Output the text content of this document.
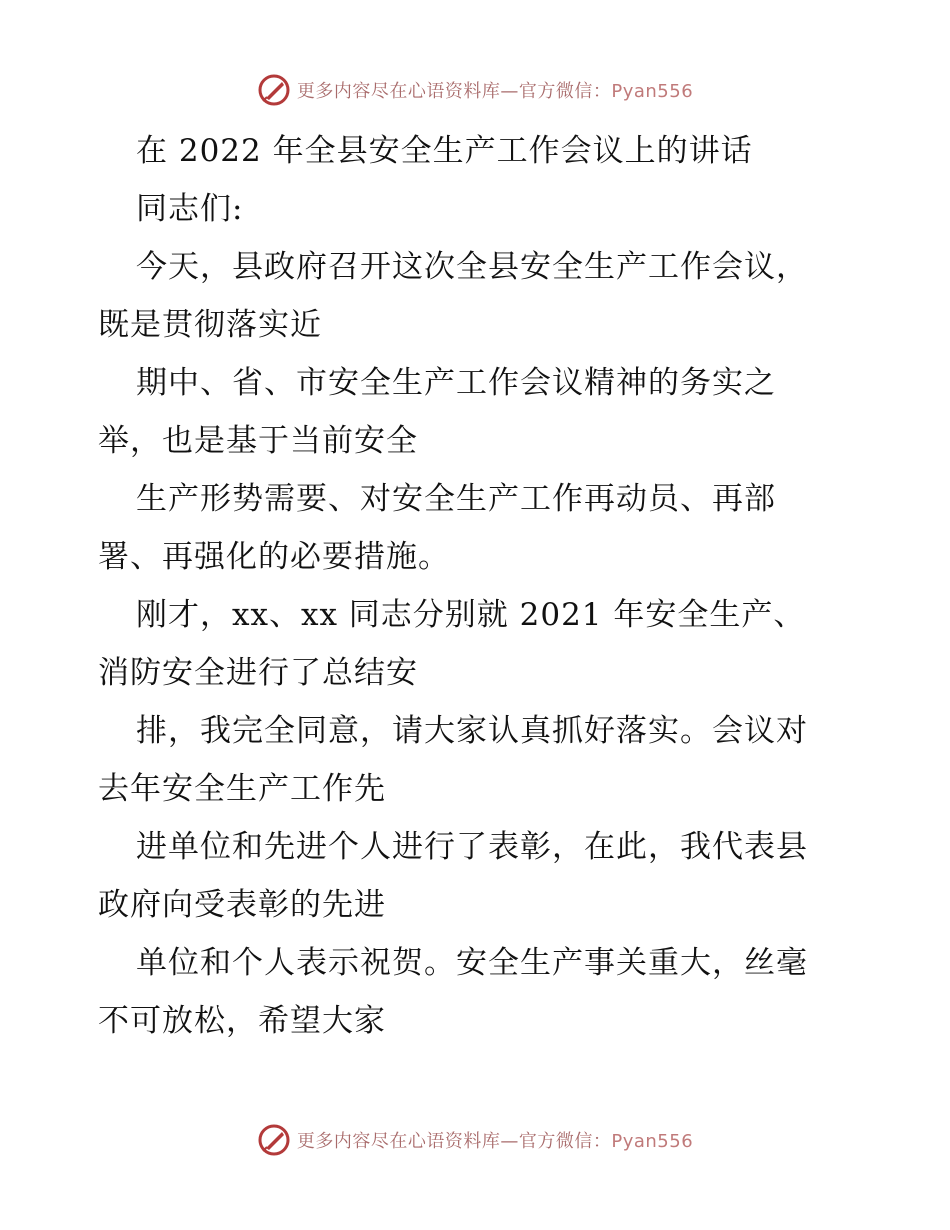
更多内容尽在心语资料库—官方微信：Pyan556
在 2022 年全县安全生产工作会议上的讲话
同志们:
今天，县政府召开这次全县安全生产工作会议，
既是贯彻落实近
期中、省、市安全生产工作会议精神的务实之
举，也是基于当前安全
生产形势需要、对安全生产工作再动员、再部
署、再强化的必要措施。
刚才，xx、xx 同志分别就 2021 年安全生产、
消防安全进行了总结安
排，我完全同意，请大家认真抓好落实。会议对
去年安全生产工作先
进单位和先进个人进行了表彰，在此，我代表县
政府向受表彰的先进
单位和个人表示祝贺。安全生产事关重大，丝毫
不可放松，希望大家
更多内容尽在心语资料库—官方微信：Pyan556
